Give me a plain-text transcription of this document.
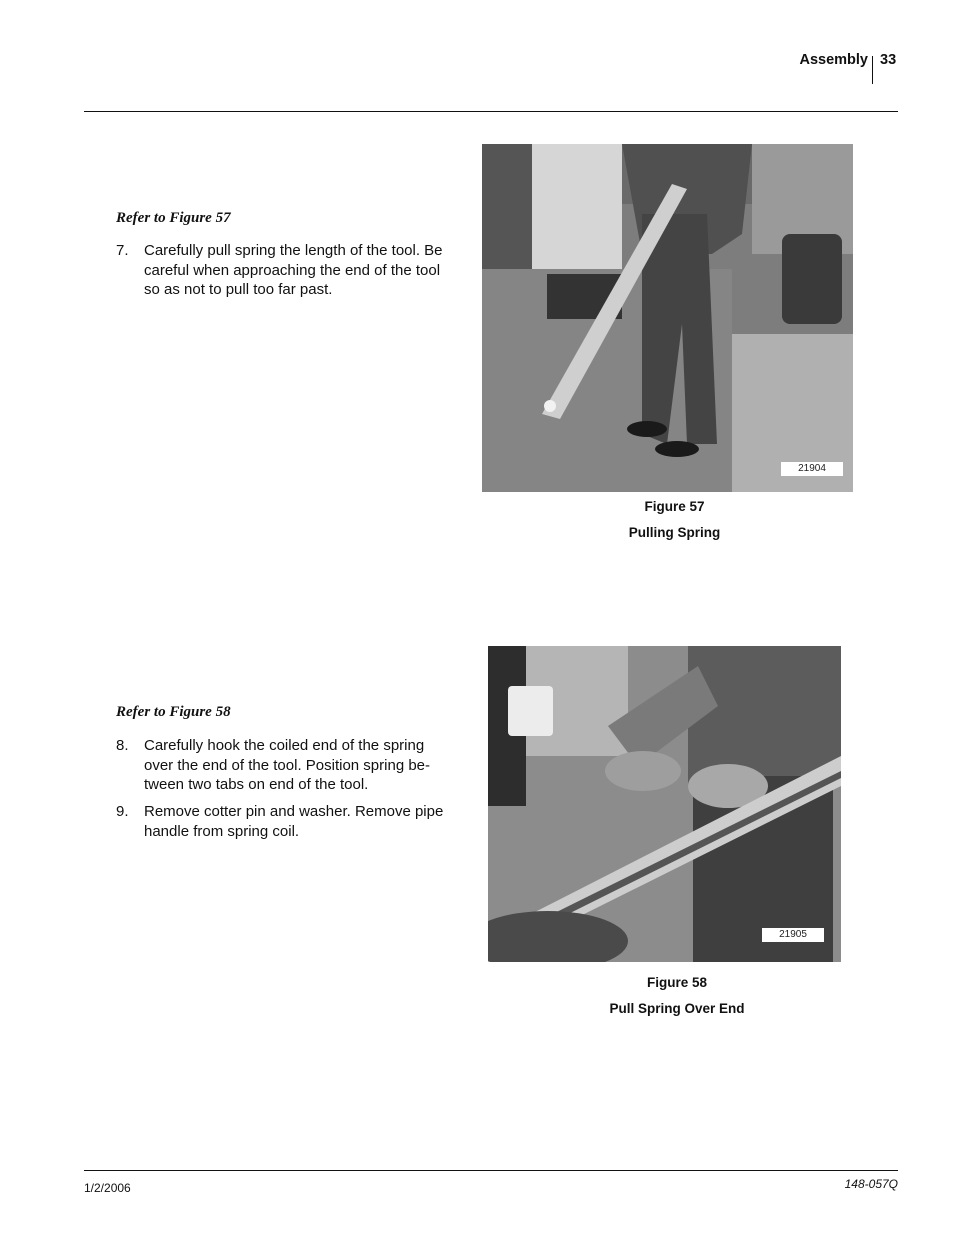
Assembly 33
Refer to Figure 57
7.	Carefully pull spring the length of the tool. Be careful when approaching the end of the tool so as not to pull too far past.
21904
Figure 57
Pulling Spring
Refer to Figure 58
8.	Carefully hook the coiled end of the spring over the end of the tool. Position spring be-tween two tabs on end of the tool.
9.	Remove cotter pin and washer. Remove pipe handle from spring coil.
21905
Figure 58
Pull Spring Over End
1/2/2006	148-057Q
